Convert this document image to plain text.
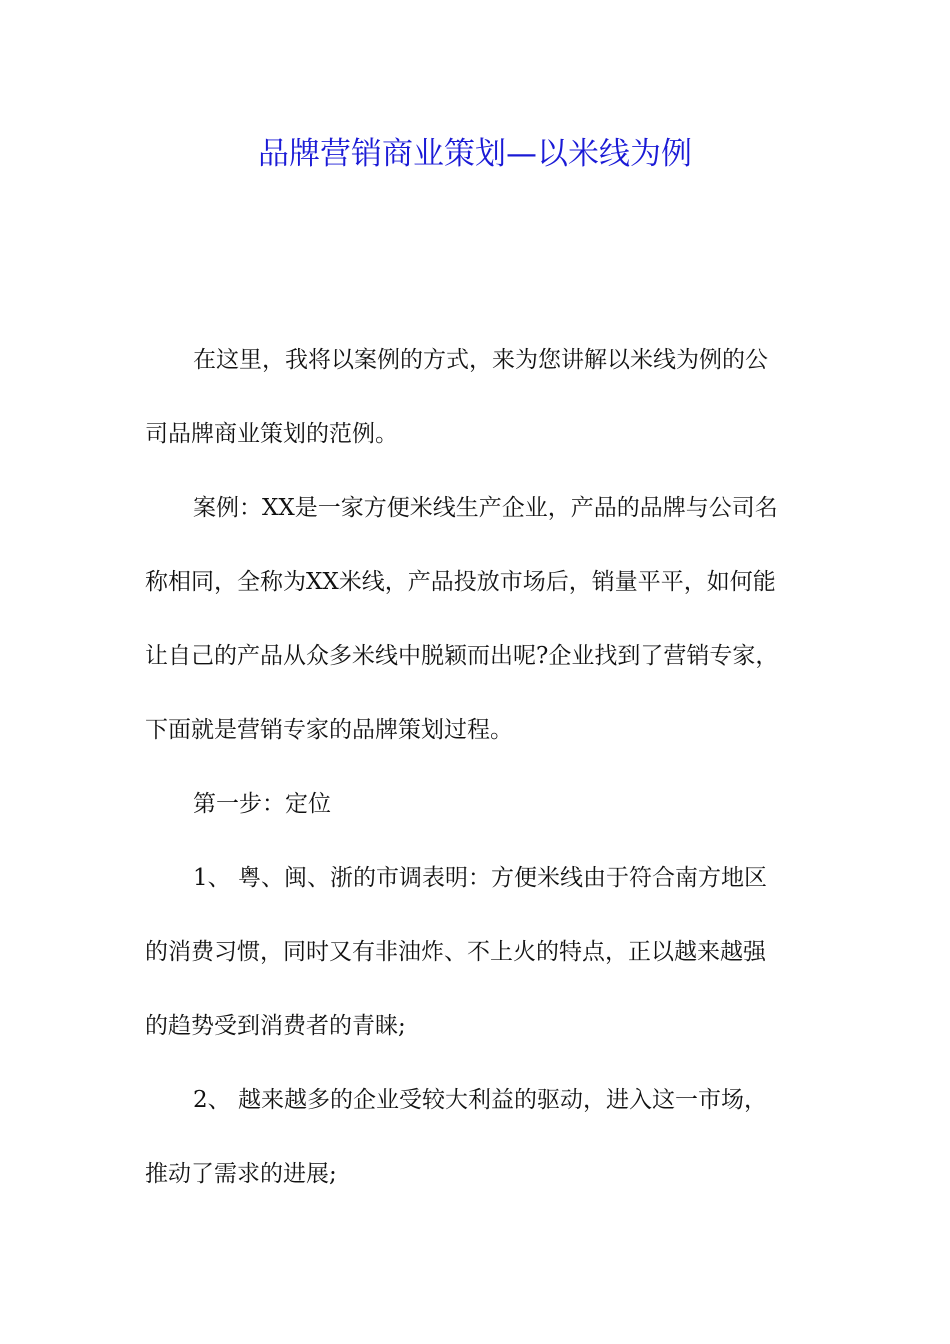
品牌营销商业策划—以米线为例

在这里，我将以案例的方式，来为您讲解以米线为例的公

司品牌商业策划的范例。

案例：XX是一家方便米线生产企业，产品的品牌与公司名

称相同，全称为XX米线，产品投放市场后，销量平平，如何能

让自己的产品从众多米线中脱颖而出呢?企业找到了营销专家，

下面就是营销专家的品牌策划过程。

第一步：定位

1、 粤、闽、浙的市调表明：方便米线由于符合南方地区

的消费习惯，同时又有非油炸、不上火的特点，正以越来越强

的趋势受到消费者的青睐;

2、 越来越多的企业受较大利益的驱动，进入这一市场，

推动了需求的进展;
